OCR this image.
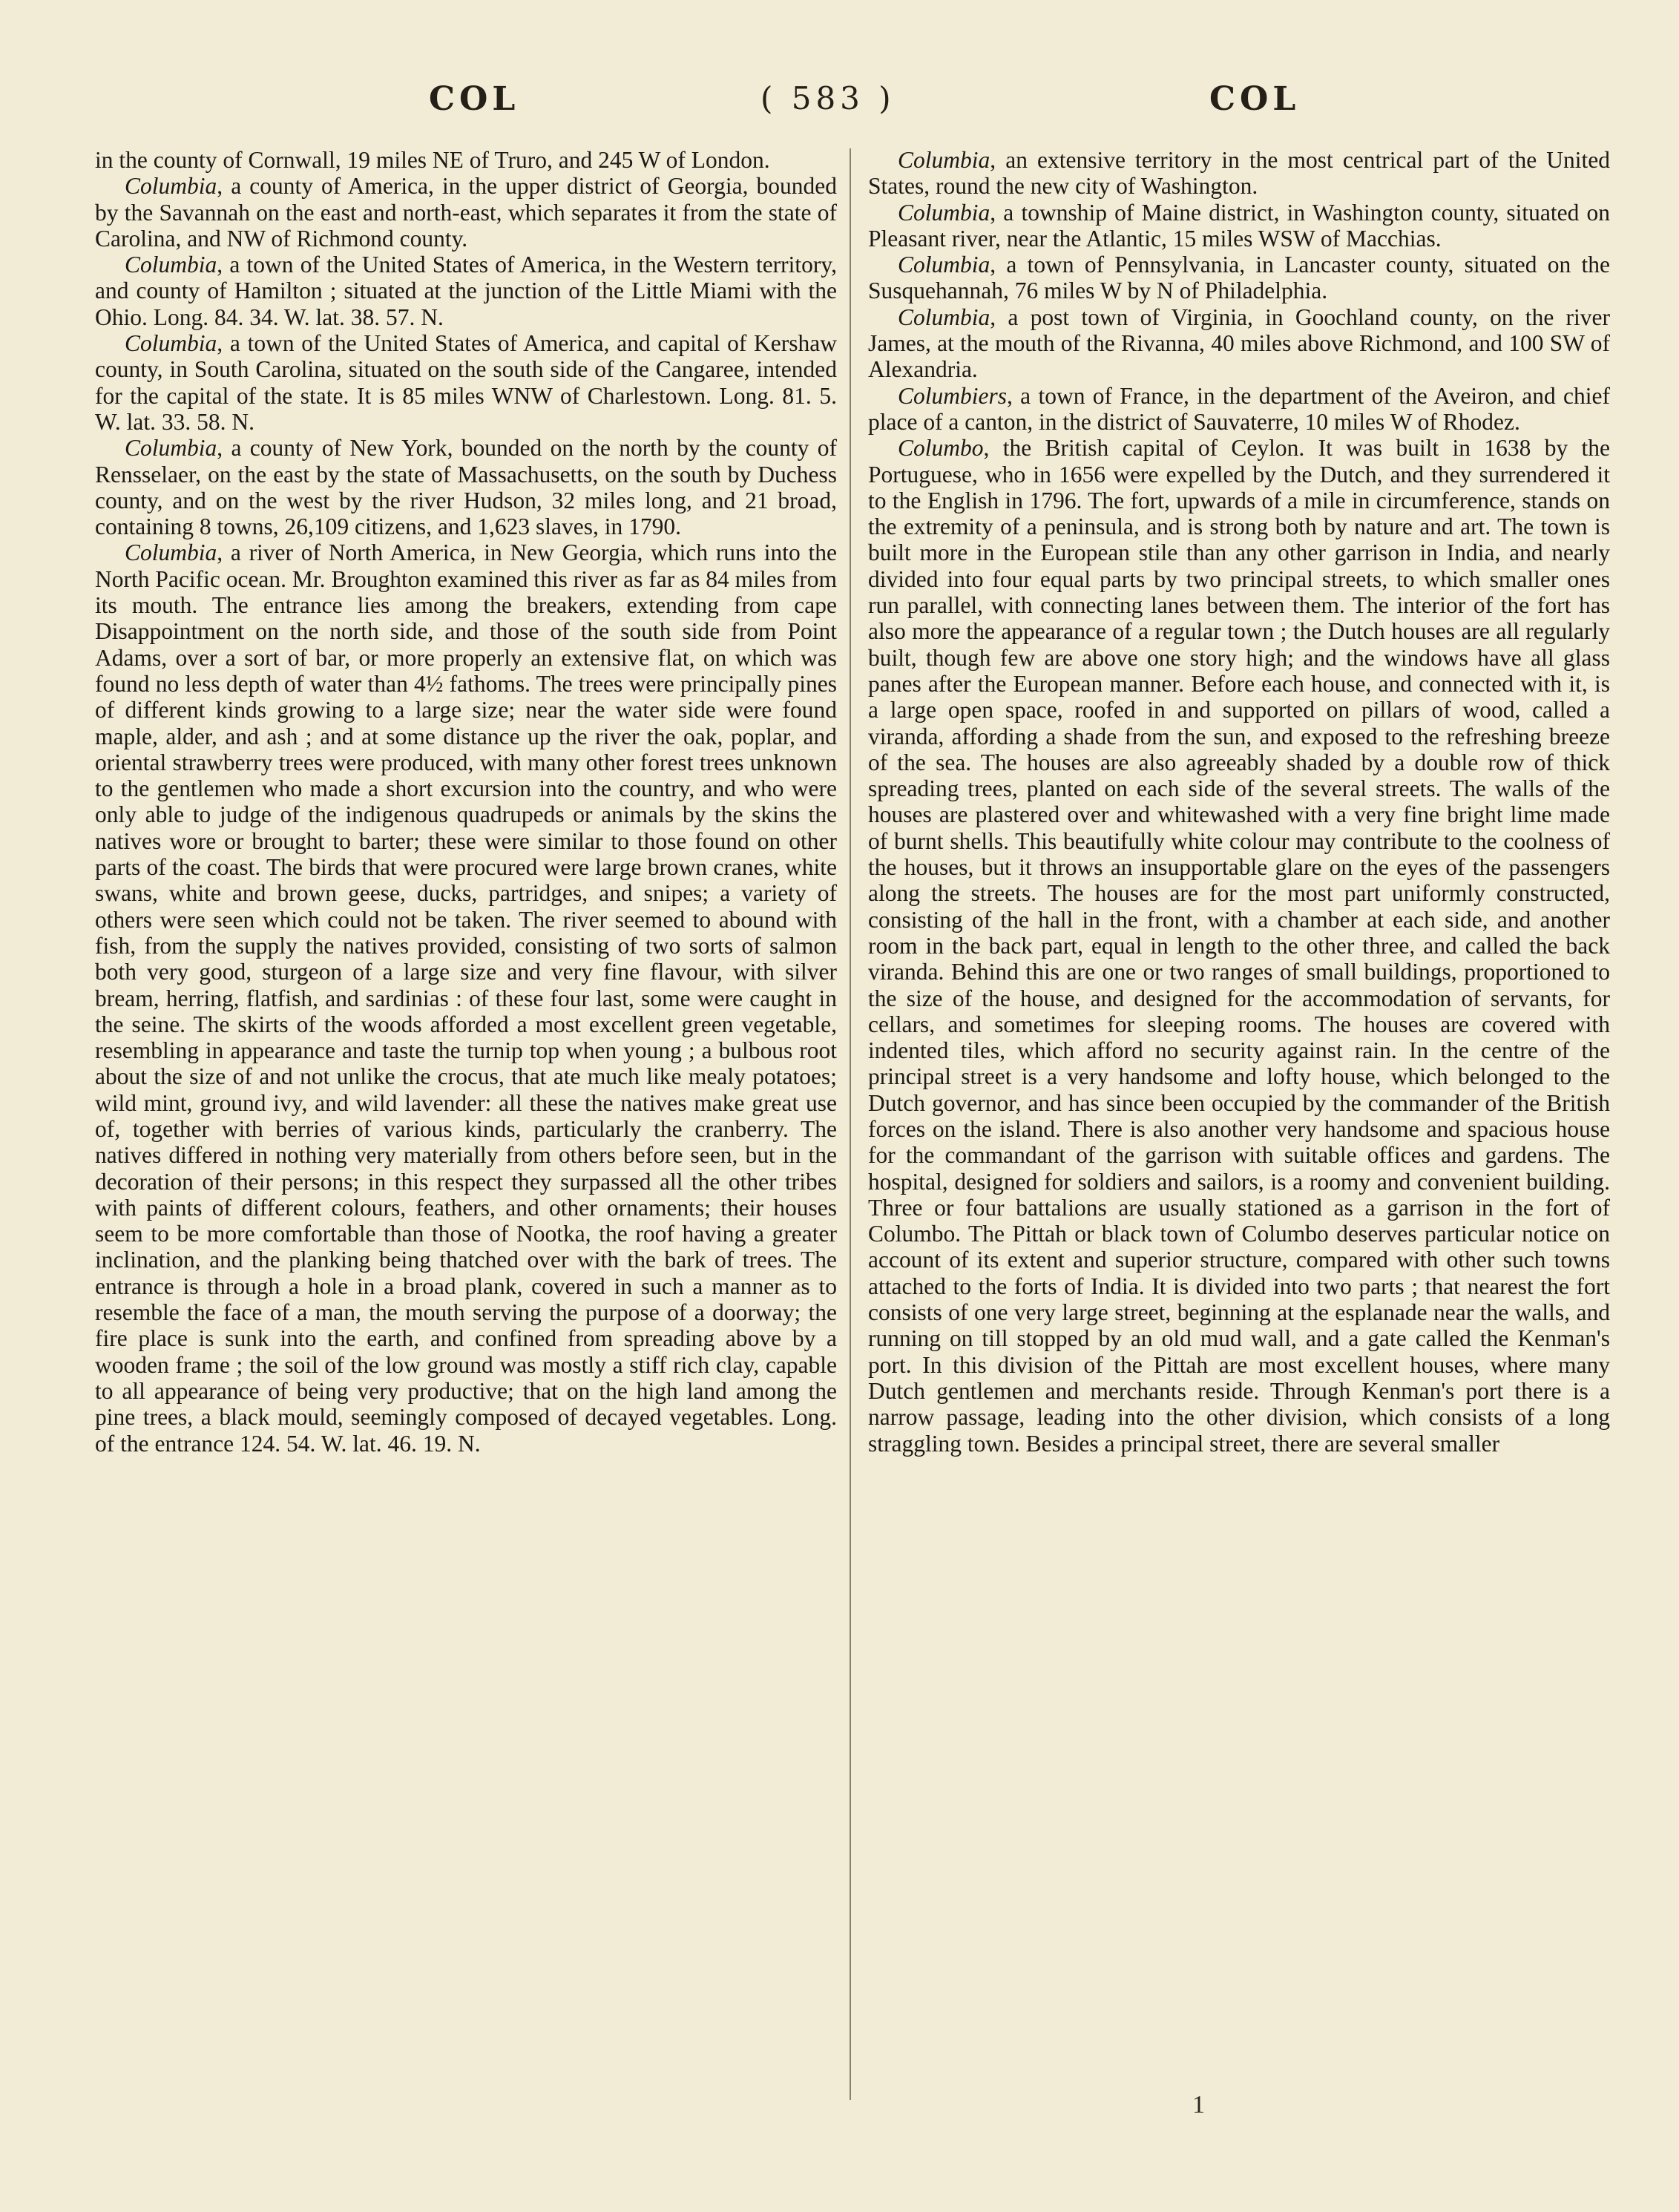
COL	( 583 )	COL

in the county of Cornwall, 19 miles NE of Truro, and 245 W of London.

Columbia, a county of America, in the upper district of Georgia, bounded by the Savannah on the east and north-east, which separates it from the state of Carolina, and NW of Richmond county.

Columbia, a town of the United States of America, in the Western territory, and county of Hamilton ; situated at the junction of the Little Miami with the Ohio. Long. 84. 34. W. lat. 38. 57. N.

Columbia, a town of the United States of America, and capital of Kershaw county, in South Carolina, situated on the south side of the Cangaree, intended for the capital of the state. It is 85 miles WNW of Charlestown. Long. 81. 5. W. lat. 33. 58. N.

Columbia, a county of New York, bounded on the north by the county of Rensselaer, on the east by the state of Massachusetts, on the south by Duchess county, and on the west by the river Hudson, 32 miles long, and 21 broad, containing 8 towns, 26,109 citizens, and 1,623 slaves, in 1790.

Columbia, a river of North America, in New Georgia, which runs into the North Pacific ocean. Mr. Broughton examined this river as far as 84 miles from its mouth. The entrance lies among the breakers, extending from cape Disappointment on the north side, and those of the south side from Point Adams, over a sort of bar, or more properly an extensive flat, on which was found no less depth of water than 4½ fathoms. The trees were principally pines of different kinds growing to a large size; near the water side were found maple, alder, and ash ; and at some distance up the river the oak, poplar, and oriental strawberry trees were produced, with many other forest trees unknown to the gentlemen who made a short excursion into the country, and who were only able to judge of the indigenous quadrupeds or animals by the skins the natives wore or brought to barter; these were similar to those found on other parts of the coast. The birds that were procured were large brown cranes, white swans, white and brown geese, ducks, partridges, and snipes; a variety of others were seen which could not be taken. The river seemed to abound with fish, from the supply the natives provided, consisting of two sorts of salmon both very good, sturgeon of a large size and very fine flavour, with silver bream, herring, flatfish, and sardinias : of these four last, some were caught in the seine. The skirts of the woods afforded a most excellent green vegetable, resembling in appearance and taste the turnip top when young ; a bulbous root about the size of and not unlike the crocus, that ate much like mealy potatoes; wild mint, ground ivy, and wild lavender: all these the natives make great use of, together with berries of various kinds, particularly the cranberry. The natives differed in nothing very materially from others before seen, but in the decoration of their persons; in this respect they surpassed all the other tribes with paints of different colours, feathers, and other ornaments; their houses seem to be more comfortable than those of Nootka, the roof having a greater inclination, and the planking being thatched over with the bark of trees. The entrance is through a hole in a broad plank, covered in such a manner as to resemble the face of a man, the mouth serving the purpose of a doorway; the fire place is sunk into the earth, and confined from spreading above by a wooden frame ; the soil of the low ground was mostly a stiff rich clay, capable to all appearance of being very productive; that on the high land among the pine trees, a black mould, seemingly composed of decayed vegetables. Long. of the entrance 124. 54. W. lat. 46. 19. N.

Columbia, an extensive territory in the most centrical part of the United States, round the new city of Washington.

Columbia, a township of Maine district, in Washington county, situated on Pleasant river, near the Atlantic, 15 miles WSW of Macchias.

Columbia, a town of Pennsylvania, in Lancaster county, situated on the Susquehannah, 76 miles W by N of Philadelphia.

Columbia, a post town of Virginia, in Goochland county, on the river James, at the mouth of the Rivanna, 40 miles above Richmond, and 100 SW of Alexandria.

Columbiers, a town of France, in the department of the Aveiron, and chief place of a canton, in the district of Sauvaterre, 10 miles W of Rhodez.

Columbo, the British capital of Ceylon. It was built in 1638 by the Portuguese, who in 1656 were expelled by the Dutch, and they surrendered it to the English in 1796. The fort, upwards of a mile in circumference, stands on the extremity of a peninsula, and is strong both by nature and art. The town is built more in the European stile than any other garrison in India, and nearly divided into four equal parts by two principal streets, to which smaller ones run parallel, with connecting lanes between them. The interior of the fort has also more the appearance of a regular town ; the Dutch houses are all regularly built, though few are above one story high; and the windows have all glass panes after the European manner. Before each house, and connected with it, is a large open space, roofed in and supported on pillars of wood, called a viranda, affording a shade from the sun, and exposed to the refreshing breeze of the sea. The houses are also agreeably shaded by a double row of thick spreading trees, planted on each side of the several streets. The walls of the houses are plastered over and whitewashed with a very fine bright lime made of burnt shells. This beautifully white colour may contribute to the coolness of the houses, but it throws an insupportable glare on the eyes of the passengers along the streets. The houses are for the most part uniformly constructed, consisting of the hall in the front, with a chamber at each side, and another room in the back part, equal in length to the other three, and called the back viranda. Behind this are one or two ranges of small buildings, proportioned to the size of the house, and designed for the accommodation of servants, for cellars, and sometimes for sleeping rooms. The houses are covered with indented tiles, which afford no security against rain. In the centre of the principal street is a very handsome and lofty house, which belonged to the Dutch governor, and has since been occupied by the commander of the British forces on the island. There is also another very handsome and spacious house for the commandant of the garrison with suitable offices and gardens. The hospital, designed for soldiers and sailors, is a roomy and convenient building. Three or four battalions are usually stationed as a garrison in the fort of Columbo. The Pittah or black town of Columbo deserves particular notice on account of its extent and superior structure, compared with other such towns attached to the forts of India. It is divided into two parts ; that nearest the fort consists of one very large street, beginning at the esplanade near the walls, and running on till stopped by an old mud wall, and a gate called the Kenman's port. In this division of the Pittah are most excellent houses, where many Dutch gentlemen and merchants reside. Through Kenman's port there is a narrow passage, leading into the other division, which consists of a long straggling town. Besides a principal street, there are several smaller

1
